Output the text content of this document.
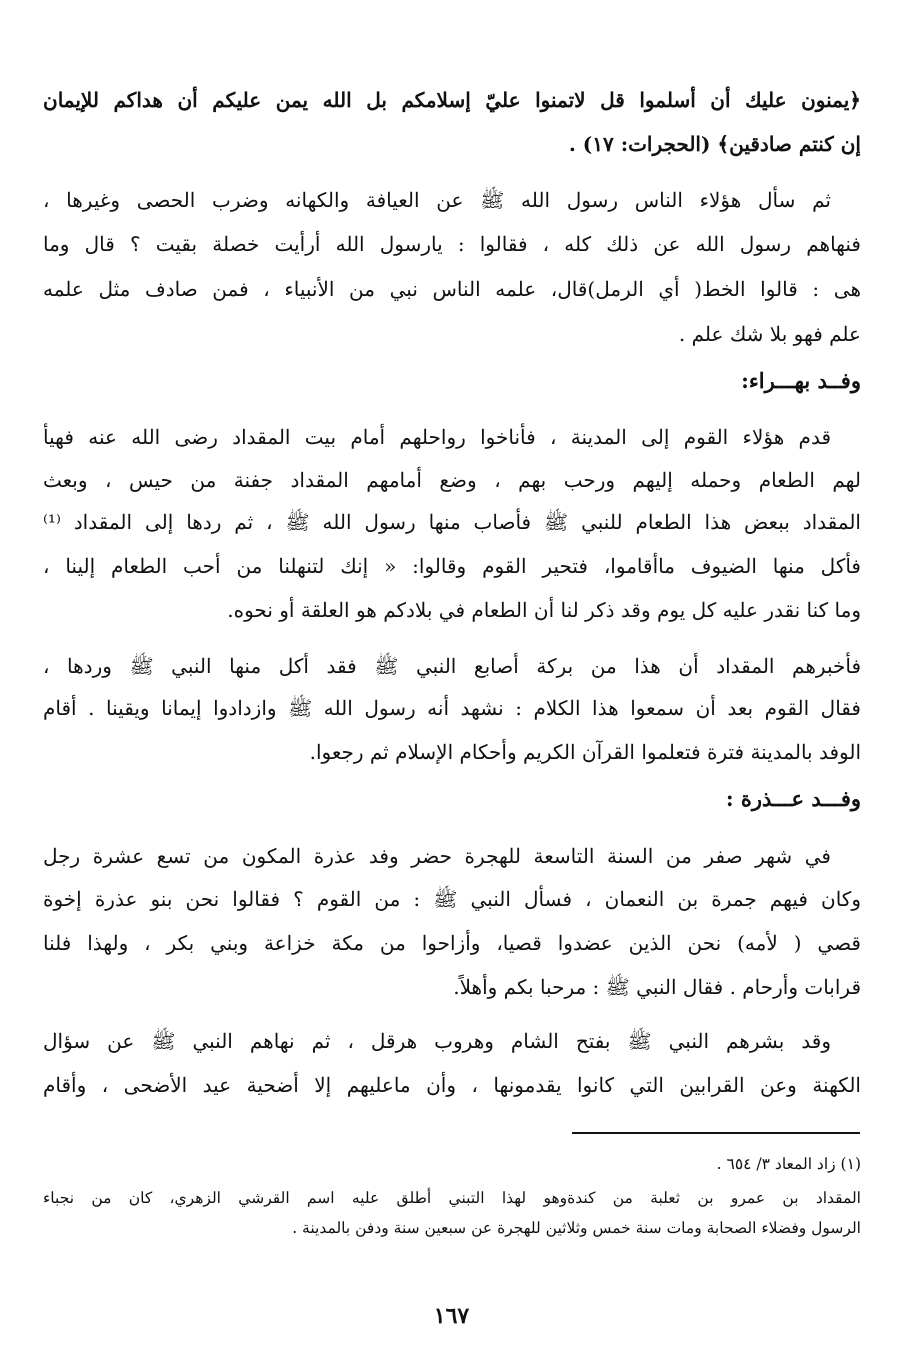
﴿يمنون عليك أن أسلموا قل لاتمنوا عليّ إسلامكم بل الله يمن عليكم أن هداكم للإيمان
إن كنتم صادقين﴾ (الحجرات: ١٧) .
ثم سأل هؤلاء الناس رسول الله ﷺ عن العيافة والكهانه وضرب الحصى وغيرها ،
فنهاهم رسول الله عن ذلك كله ، فقالوا : يارسول الله أرأيت خصلة بقيت ؟ قال وما
هى : قالوا الخط( أي الرمل)قال، علمه الناس نبي من الأنبياء ، فمن صادف مثل علمه
علم فهو بلا شك علم .
وفــد بهـــراء:
قدم هؤلاء القوم إلى المدينة ، فأناخوا رواحلهم أمام بيت المقداد رضى الله عنه فهيأ
لهم الطعام وحمله إليهم ورحب بهم ، وضع أمامهم المقداد جفنة من حيس ، وبعث
المقداد ببعض هذا الطعام للنبي ﷺ فأصاب منها رسول الله ﷺ ، ثم ردها إلى المقداد ⁽¹⁾
فأكل منها الضيوف ماأقاموا، فتحير القوم وقالوا: « إنك لتنهلنا من أحب الطعام إلينا ،
وما كنا نقدر عليه كل يوم وقد ذكر لنا أن الطعام في بلادكم هو العلقة أو نحوه.
فأخبرهم المقداد أن هذا من بركة أصابع النبي ﷺ فقد أكل منها النبي ﷺ وردها ،
فقال القوم بعد أن سمعوا هذا الكلام : نشهد أنه رسول الله ﷺ وازدادوا إيمانا ويقينا . أقام
الوفد بالمدينة فترة فتعلموا القرآن الكريم وأحكام الإسلام ثم رجعوا.
وفـــد عـــذرة :
في شهر صفر من السنة التاسعة للهجرة حضر وفد عذرة المكون من تسع عشرة رجل
وكان فيهم جمرة بن النعمان ، فسأل النبي ﷺ : من القوم ؟ فقالوا نحن بنو عذرة إخوة
قصي ( لأمه) نحن الذين عضدوا قصيا، وأزاحوا من مكة خزاعة وبني بكر ، ولهذا فلنا
قرابات وأرحام . فقال النبي ﷺ : مرحبا بكم وأهلاً.
وقد بشرهم النبي ﷺ بفتح الشام وهروب هرقل ، ثم نهاهم النبي ﷺ عن سؤال
الكهنة وعن القرابين التي كانوا يقدمونها ، وأن ماعليهم إلا أضحية عيد الأضحى ، وأقام
(١) زاد المعاد ٣/ ٦٥٤ .
المقداد بن عمرو بن ثعلبة من كندةوهو لهذا التبني أطلق عليه اسم القرشي الزهري، كان من نجباء
الرسول وفضلاء الصحابة ومات سنة خمس وثلاثين للهجرة عن سبعين سنة ودفن بالمدينة .
١٦٧
